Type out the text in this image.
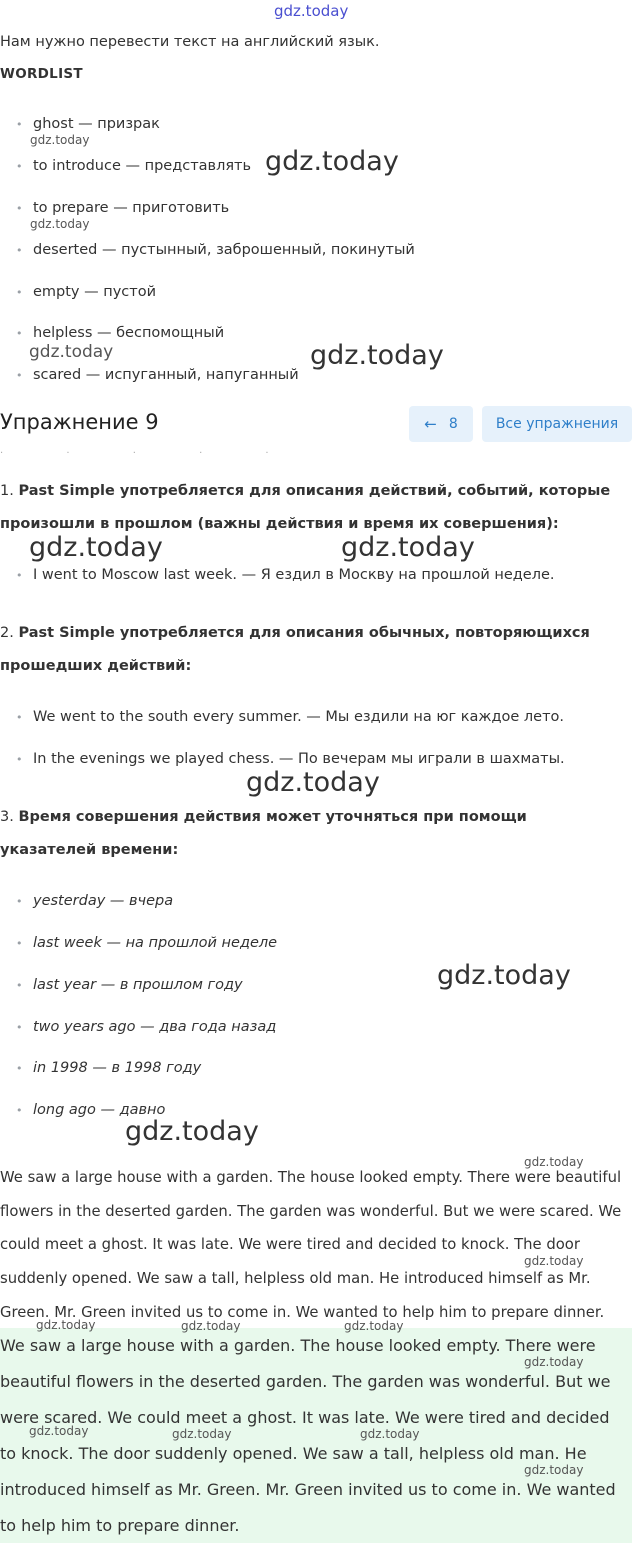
gdz.today
Нам нужно перевести текст на английский язык.
WORDLIST
ghost — призрак
to introduce — представлять
to prepare — приготовить
deserted — пустынный, заброшенный, покинутый
empty — пустой
helpless — беспомощный
scared — испуганный, напуганный
Упражнение 9	← 8	Все упражнения
· · · · ·
1. Past Simple употребляется для описания действий, событий, которые произошли в прошлом (важны действия и время их совершения):
I went to Moscow last week. — Я ездил в Москву на прошлой неделе.
2. Past Simple употребляется для описания обычных, повторяющихся прошедших действий:
We went to the south every summer. — Мы ездили на юг каждое лето.
In the evenings we played chess. — По вечерам мы играли в шахматы.
3. Время совершения действия может уточняться при помощи указателей времени:
yesterday — вчера
last week — на прошлой неделе
last year — в прошлом году
two years ago — два года назад
in 1998 — в 1998 году
long ago — давно
We saw a large house with a garden. The house looked empty. There were beautiful flowers in the deserted garden. The garden was wonderful. But we were scared. We could meet a ghost. It was late. We were tired and decided to knock. The door suddenly opened. We saw a tall, helpless old man. He introduced himself as Mr. Green. Mr. Green invited us to come in. We wanted to help him to prepare dinner.
We saw a large house with a garden. The house looked empty. There were beautiful flowers in the deserted garden. The garden was wonderful. But we were scared. We could meet a ghost. It was late. We were tired and decided to knock. The door suddenly opened. We saw a tall, helpless old man. He introduced himself as Mr. Green. Mr. Green invited us to come in. We wanted to help him to prepare dinner.
gdz.today
gdz.today
gdz.today
gdz.today	gdz.today
gdz.today	gdz.today
gdz.today
gdz.today
gdz.today
gdz.today
gdz.today
gdz.today	gdz.today	gdz.today
gdz.today
gdz.today	gdz.today	gdz.today
gdz.today
